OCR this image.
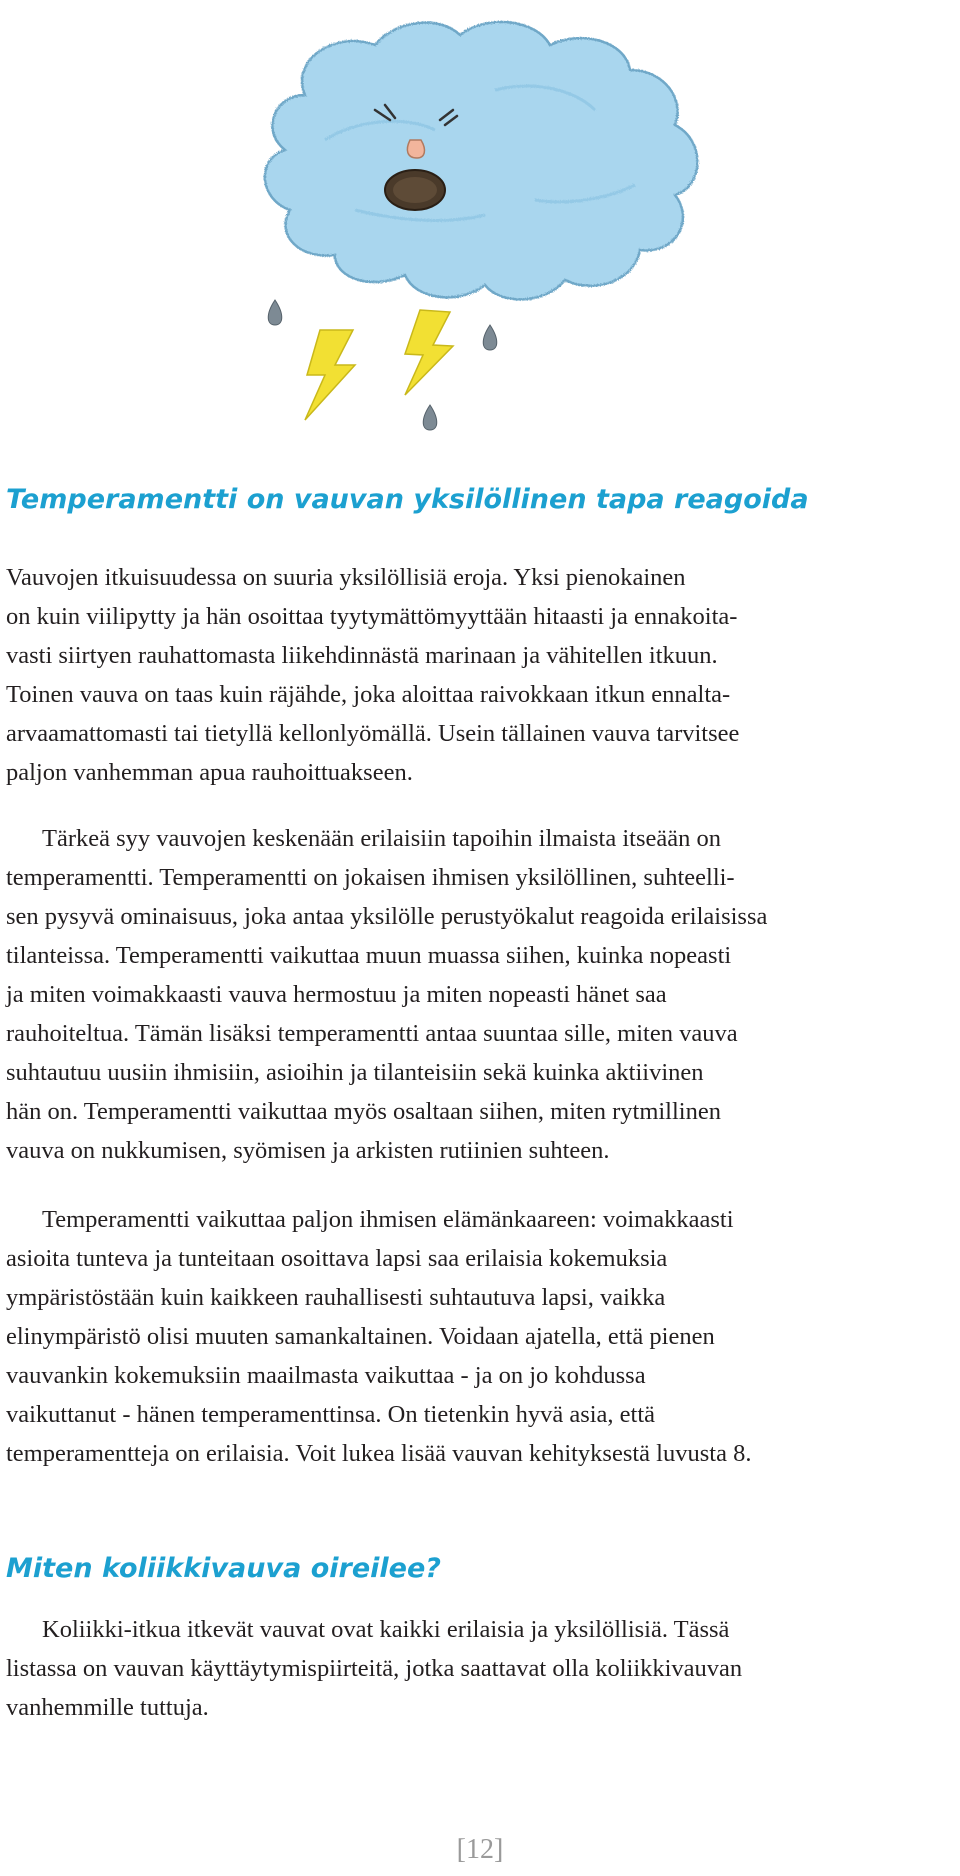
Temperamentti on vauvan yksilöllinen tapa reagoida

Vauvojen itkuisuudessa on suuria yksilöllisiä eroja. Yksi pienokainen
on kuin viilipytty ja hän osoittaa tyytymättömyyttään hitaasti ja ennakoita-
vasti siirtyen rauhattomasta liikehdinnästä marinaan ja vähitellen itkuun.
Toinen vauva on taas kuin räjähde, joka aloittaa raivokkaan itkun ennalta-
arvaamattomasti tai tietyllä kellonlyömällä. Usein tällainen vauva tarvitsee
paljon vanhemman apua rauhoittuakseen.

Tärkeä syy vauvojen keskenään erilaisiin tapoihin ilmaista itseään on
temperamentti. Temperamentti on jokaisen ihmisen yksilöllinen, suhteelli-
sen pysyvä ominaisuus, joka antaa yksilölle perustyökalut reagoida erilaisissa
tilanteissa. Temperamentti vaikuttaa muun muassa siihen, kuinka nopeasti
ja miten voimakkaasti vauva hermostuu ja miten nopeasti hänet saa
rauhoiteltua. Tämän lisäksi temperamentti antaa suuntaa sille, miten vauva
suhtautuu uusiin ihmisiin, asioihin ja tilanteisiin sekä kuinka aktiivinen
hän on. Temperamentti vaikuttaa myös osaltaan siihen, miten rytmillinen
vauva on nukkumisen, syömisen ja arkisten rutiinien suhteen.

Temperamentti vaikuttaa paljon ihmisen elämänkaareen: voimakkaasti
asioita tunteva ja tunteitaan osoittava lapsi saa erilaisia kokemuksia
ympäristöstään kuin kaikkeen rauhallisesti suhtautuva lapsi, vaikka
elinympäristö olisi muuten samankaltainen. Voidaan ajatella, että pienen
vauvankin kokemuksiin maailmasta vaikuttaa - ja on jo kohdussa
vaikuttanut - hänen temperamenttinsa. On tietenkin hyvä asia, että
temperamentteja on erilaisia. Voit lukea lisää vauvan kehityksestä luvusta 8.

Miten koliikkivauva oireilee?

Koliikki-itkua itkevät vauvat ovat kaikki erilaisia ja yksilöllisiä. Tässä
listassa on vauvan käyttäytymispiirteitä, jotka saattavat olla koliikkivauvan
vanhemmille tuttuja.

[12]
